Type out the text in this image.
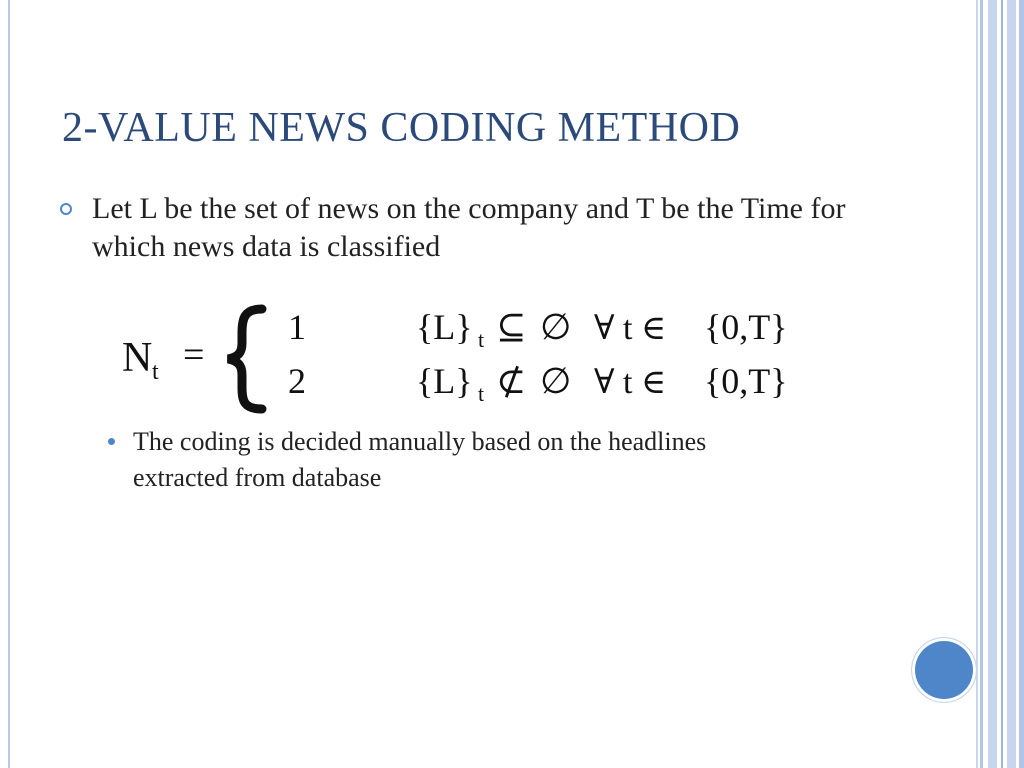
2-VALUE NEWS CODING METHOD
Let L be the set of news on the company and T be the Time for which news data is classified
N t =
1	{L} t ⊆ ∅ ∀ t ∈ {0,T}
2	{L} t ⊄ ∅ ∀ t ∈ {0,T}
The coding is decided manually based on the headlines extracted from database
